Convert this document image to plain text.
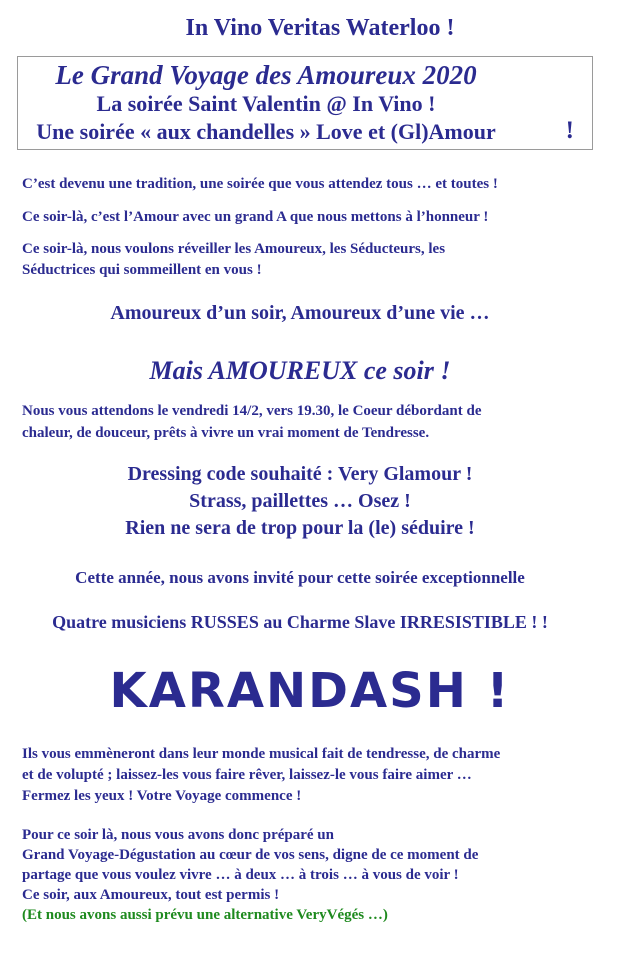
In Vino Veritas Waterloo !
Le Grand Voyage des Amoureux 2020
La soirée Saint Valentin @ In Vino !
Une soirée « aux chandelles » Love et (Gl)Amour	!
C’est devenu une tradition, une soirée que vous attendez tous … et toutes !
Ce soir-là, c’est l’Amour avec un grand A que nous mettons à l’honneur !
Ce soir-là, nous voulons réveiller les Amoureux, les Séducteurs, les
Séductrices qui sommeillent en vous !
Amoureux d’un soir, Amoureux d’une vie …
Mais AMOUREUX ce soir !
Nous vous attendons le vendredi 14/2, vers 19.30, le Coeur débordant de
chaleur, de douceur, prêts à vivre un vrai moment de Tendresse.
Dressing code souhaité : Very Glamour !
Strass, paillettes … Osez !
Rien ne sera de trop pour la (le) séduire !
Cette année, nous avons invité pour cette soirée exceptionnelle
Quatre musiciens RUSSES au Charme Slave IRRESISTIBLE ! !
KARANDASH !
Ils vous emmèneront dans leur monde musical fait de tendresse, de charme
et de volupté ; laissez-les vous faire rêver, laissez-le vous faire aimer …
Fermez les yeux ! Votre Voyage commence !
Pour ce soir là, nous vous avons donc préparé un
Grand Voyage-Dégustation au cœur de vos sens, digne de ce moment de
partage que vous voulez vivre … à deux … à trois … à vous de voir !
Ce soir, aux Amoureux, tout est permis !
(Et nous avons aussi prévu une alternative VeryVégés …)
